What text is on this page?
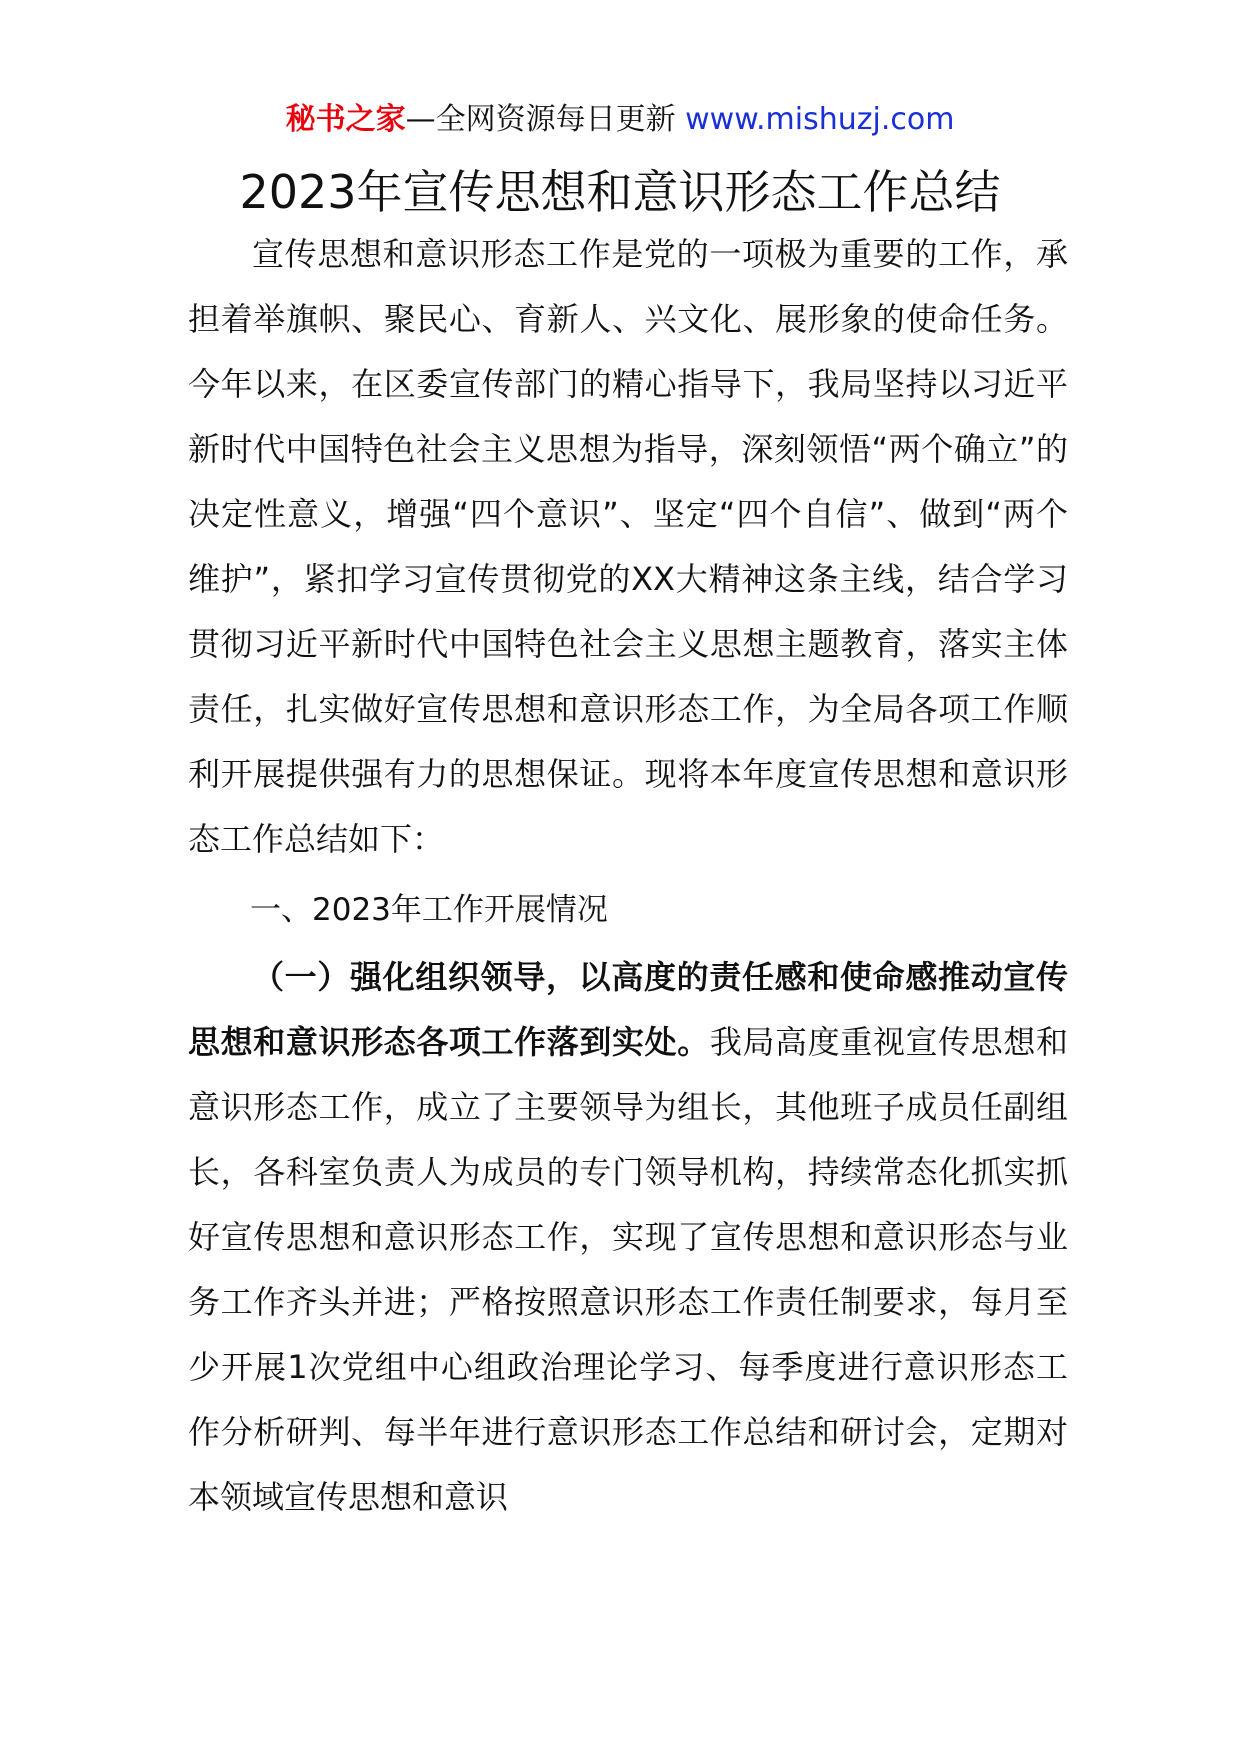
秘书之家—全网资源每日更新 www.mishuzj.com
2023年宣传思想和意识形态工作总结

宣传思想和意识形态工作是党的一项极为重要的工作，承担着举旗帜、聚民心、育新人、兴文化、展形象的使命任务。今年以来，在区委宣传部门的精心指导下，我局坚持以习近平新时代中国特色社会主义思想为指导，深刻领悟“两个确立”的决定性意义，增强“四个意识”、坚定“四个自信”、做到“两个维护”，紧扣学习宣传贯彻党的XX大精神这条主线，结合学习贯彻习近平新时代中国特色社会主义思想主题教育，落实主体责任，扎实做好宣传思想和意识形态工作，为全局各项工作顺利开展提供强有力的思想保证。现将本年度宣传思想和意识形态工作总结如下：

一、2023年工作开展情况

（一）强化组织领导，以高度的责任感和使命感推动宣传思想和意识形态各项工作落到实处。我局高度重视宣传思想和意识形态工作，成立了主要领导为组长，其他班子成员任副组长，各科室负责人为成员的专门领导机构，持续常态化抓实抓好宣传思想和意识形态工作，实现了宣传思想和意识形态与业务工作齐头并进；严格按照意识形态工作责任制要求，每月至少开展1次党组中心组政治理论学习、每季度进行意识形态工作分析研判、每半年进行意识形态工作总结和研讨会，定期对本领域宣传思想和意识
